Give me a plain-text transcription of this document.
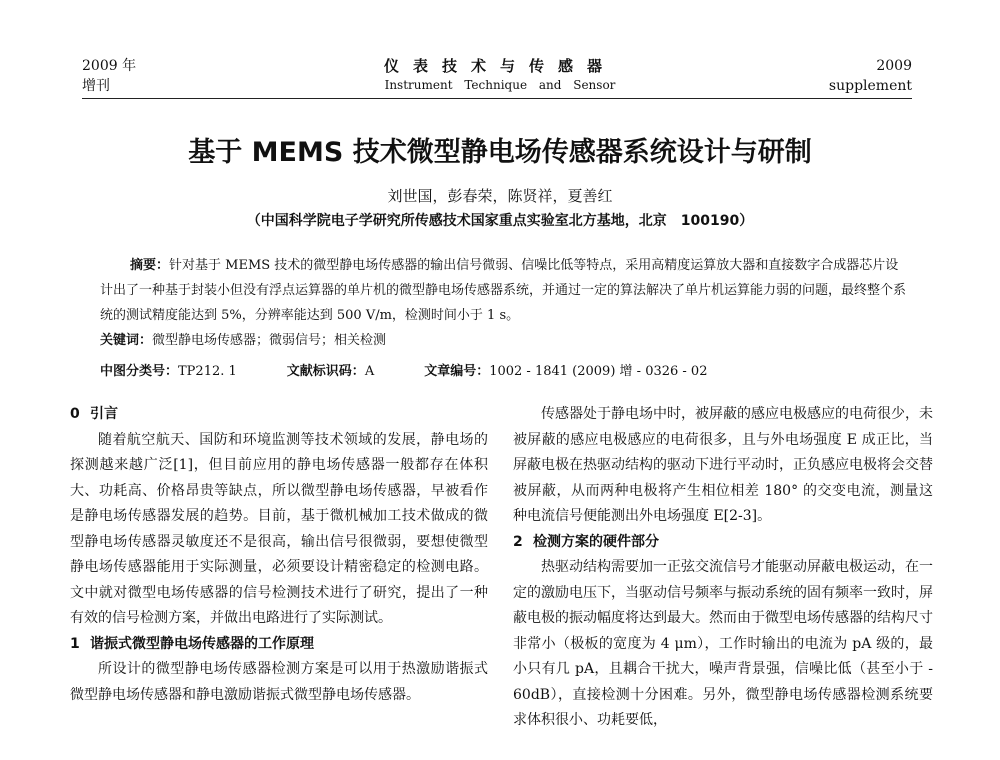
2009 年
增刊
仪表技术与传感器
Instrument Technique and Sensor
2009
supplement
基于 MEMS 技术微型静电场传感器系统设计与研制
刘世国，彭春荣，陈贤祥，夏善红
（中国科学院电子学研究所传感技术国家重点实验室北方基地，北京　100190）

摘要：针对基于 MEMS 技术的微型静电场传感器的输出信号微弱、信噪比低等特点，采用高精度运算放大器和直接数字合成器芯片设计出了一种基于封装小但没有浮点运算器的单片机的微型静电场传感器系统，并通过一定的算法解决了单片机运算能力弱的问题，最终整个系统的测试精度能达到 5%，分辨率能达到 500 V/m，检测时间小于 1 s。

关键词：微型静电场传感器；微弱信号；相关检测

中图分类号：TP212. 1	文献标识码：A	文章编号：1002 - 1841 (2009) 增 - 0326 - 02
0 引言

随着航空航天、国防和环境监测等技术领域的发展，静电场的探测越来越广泛[1]，但目前应用的静电场传感器一般都存在体积大、功耗高、价格昂贵等缺点，所以微型静电场传感器，早被看作是静电场传感器发展的趋势。目前，基于微机械加工技术做成的微型静电场传感器灵敏度还不是很高，输出信号很微弱，要想使微型静电场传感器能用于实际测量，必须要设计精密稳定的检测电路。文中就对微型电场传感器的信号检测技术进行了研究，提出了一种有效的信号检测方案，并做出电路进行了实际测试。

1 谐振式微型静电场传感器的工作原理

所设计的微型静电场传感器检测方案是可以用于热激励谐振式微型静电场传感器和静电激励谐振式微型静电场传感器。

传感器处于静电场中时，被屏蔽的感应电极感应的电荷很少，未被屏蔽的感应电极感应的电荷很多，且与外电场强度 E 成正比，当屏蔽电极在热驱动结构的驱动下进行平动时，正负感应电极将会交替被屏蔽，从而两种电极将产生相位相差 180° 的交变电流，测量这种电流信号便能测出外电场强度 E[2-3]。

2 检测方案的硬件部分

热驱动结构需要加一正弦交流信号才能驱动屏蔽电极运动，在一定的激励电压下，当驱动信号频率与振动系统的固有频率一致时，屏蔽电极的振动幅度将达到最大。然而由于微型电场传感器的结构尺寸非常小（极板的宽度为 4 μm），工作时输出的电流为 pA 级的，最小只有几 pA，且耦合干扰大，噪声背景强，信噪比低（甚至小于 - 60dB），直接检测十分困难。另外，微型静电场传感器检测系统要求体积很小、功耗要低，
